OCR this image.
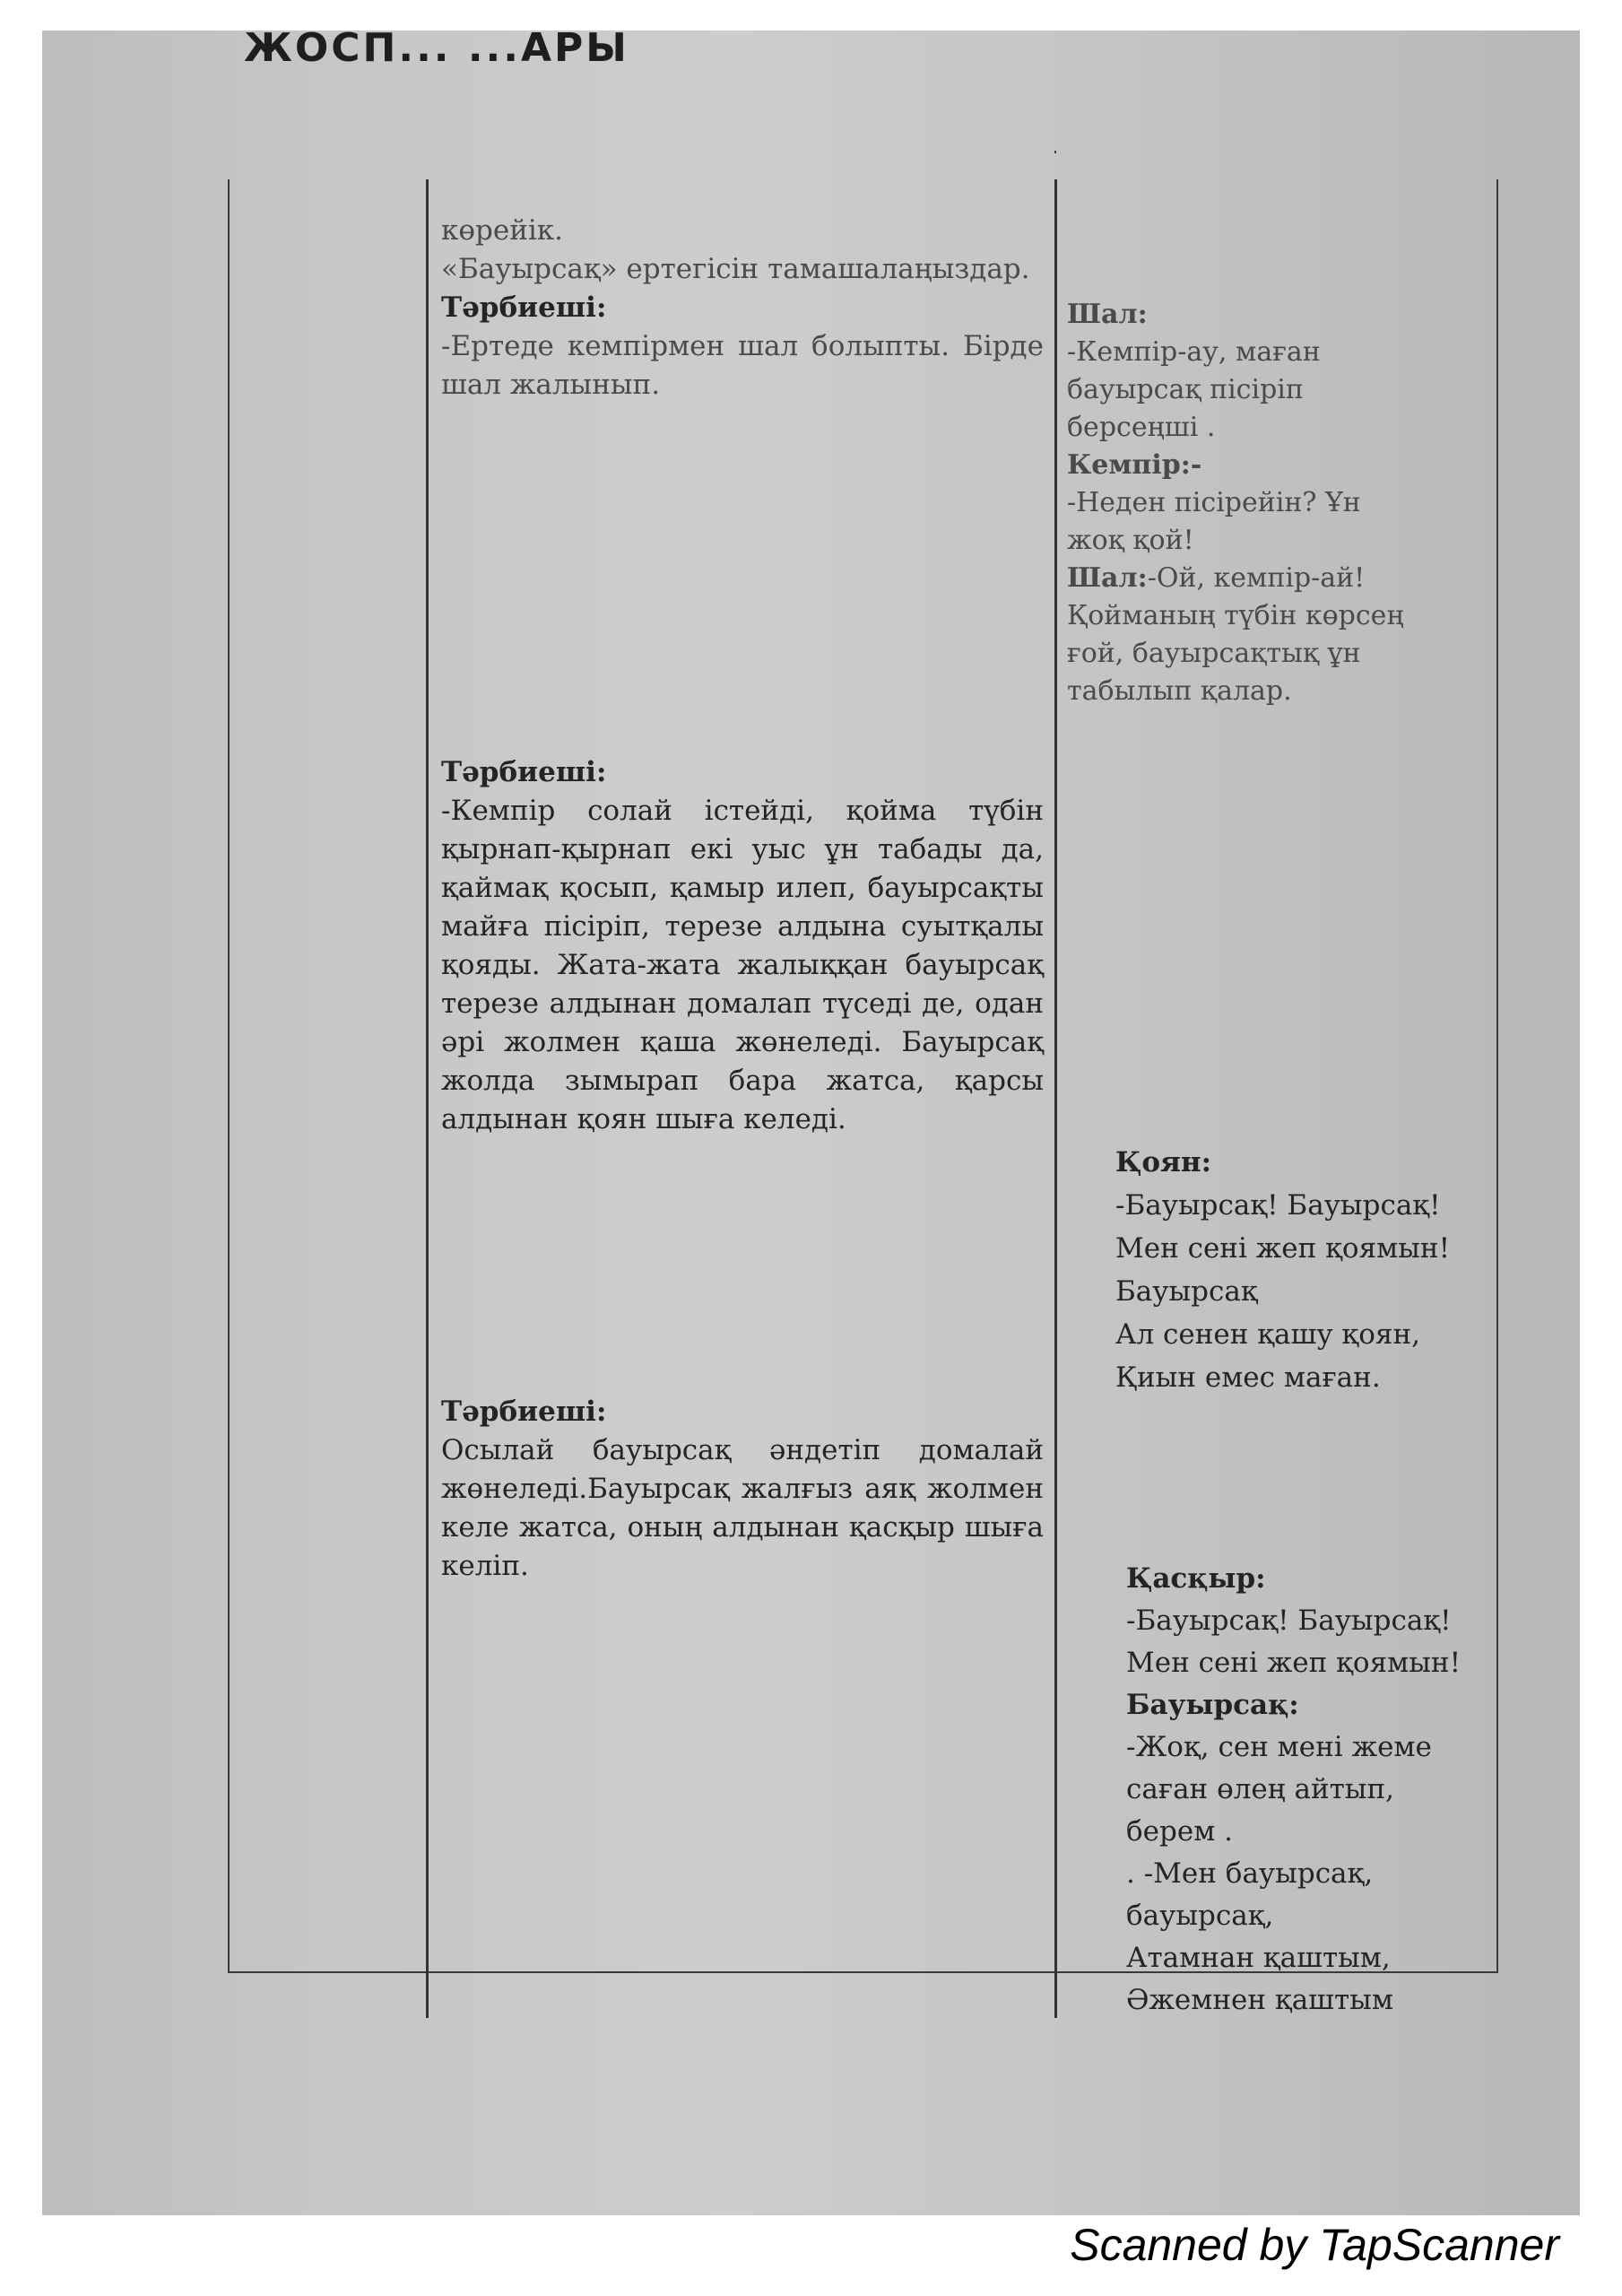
ЖОСП... ...АРЫ

көрейік.

«Бауырсақ» ертегісін тамашалаңыздар.

Тәрбиеші:

-Ертеде кемпірмен шал болыпты. Бірде шал жалынып.

Тәрбиеші:

-Кемпір солай істейді, қойма түбін қырнап-қырнап екі уыс ұн табады да, қаймақ қосып, қамыр илеп, бауырсақты майға пісіріп, терезе алдына суытқалы қояды. Жата-жата жалыққан бауырсақ терезе алдынан домалап түседі де, одан әрі жолмен қаша жөнеледі. Бауырсақ жолда зымырап бара жатса, қарсы алдынан қоян шыға келеді.

Тәрбиеші:

Осылай бауырсақ әндетіп домалай жөнеледі.Бауырсақ жалғыз аяқ жолмен келе жатса, оның алдынан қасқыр шыға келіп.

Шал:

-Кемпір-ау, маған

бауырсақ пісіріп

берсеңші .

Кемпір:-

-Неден пісірейін? Ұн

жоқ қой!

Шал:-Ой, кемпір-ай!

Қойманың түбін көрсең

ғой, бауырсақтық ұн

табылып қалар.

Қоян:

-Бауырсақ! Бауырсақ!

Мен сені жеп қоямын!

Бауырсақ

Ал сенен қашу қоян,

Қиын емес маған.

Қасқыр:

-Бауырсақ! Бауырсақ!

Мен сені жеп қоямын!

Бауырсақ:

-Жоқ, сен мені жеме

саған өлең айтып,

берем .

. -Мен бауырсақ,

бауырсақ,

Атамнан қаштым,

Әжемнен қаштым

Scanned by TapScanner
